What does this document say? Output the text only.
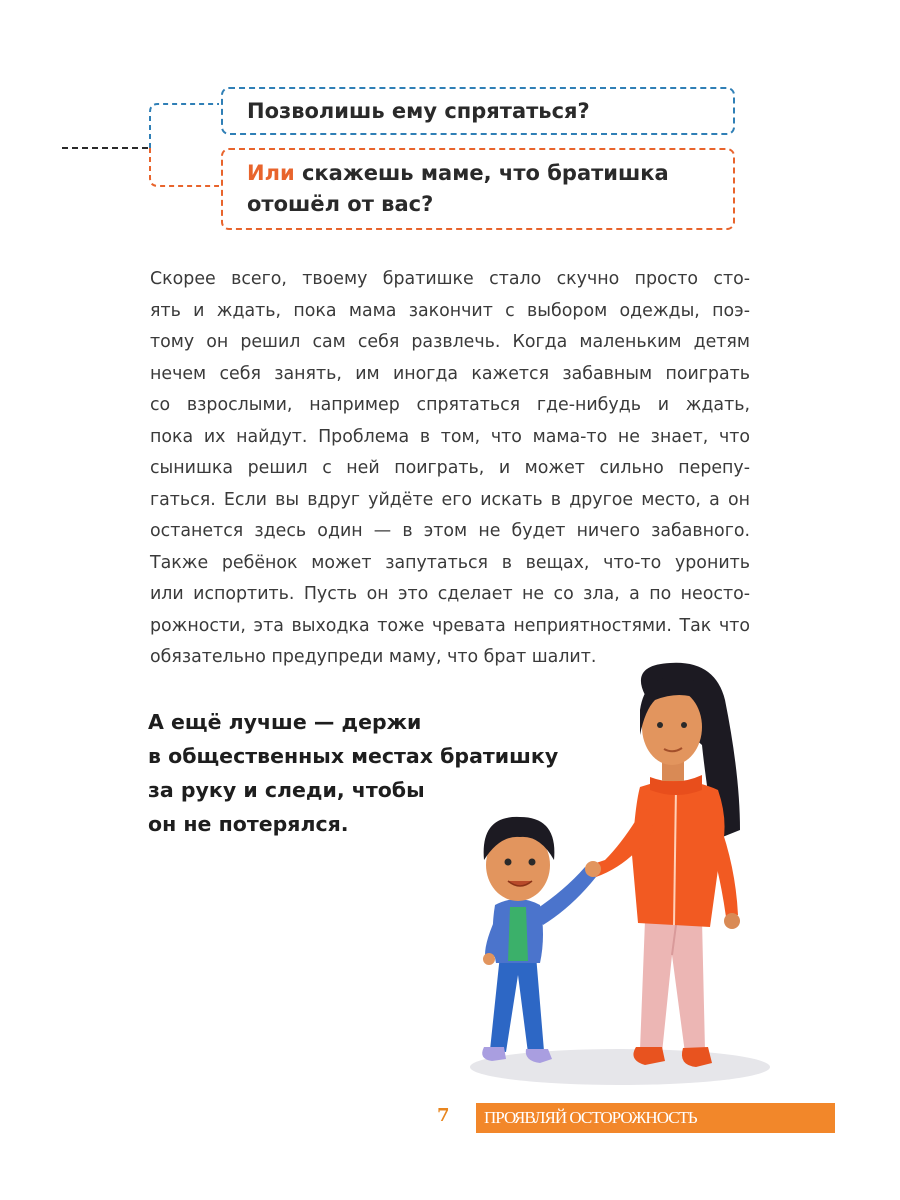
Позволишь ему спрятаться?
Или скажешь маме, что братишка
отошёл от вас?
Скорее всего, твоему братишке стало скучно просто сто-
ять и ждать, пока мама закончит с выбором одежды, поэ-
тому он решил сам себя развлечь. Когда маленьким детям
нечем себя занять, им иногда кажется забавным поиграть
со взрослыми, например спрятаться где-нибудь и ждать,
пока их найдут. Проблема в том, что мама-то не знает, что
сынишка решил с ней поиграть, и может сильно перепу-
гаться. Если вы вдруг уйдёте его искать в другое место, а он
останется здесь один — в этом не будет ничего забавного.
Также ребёнок может запутаться в вещах, что-то уронить
или испортить. Пусть он это сделает не со зла, а по неосто-
рожности, эта выходка тоже чревата неприятностями. Так что
обязательно предупреди маму, что брат шалит.
А ещё лучше — держи
в общественных местах братишку
за руку и следи, чтобы
он не потерялся.
7 ПРОЯВЛЯЙ ОСТОРОЖНОСТЬ
